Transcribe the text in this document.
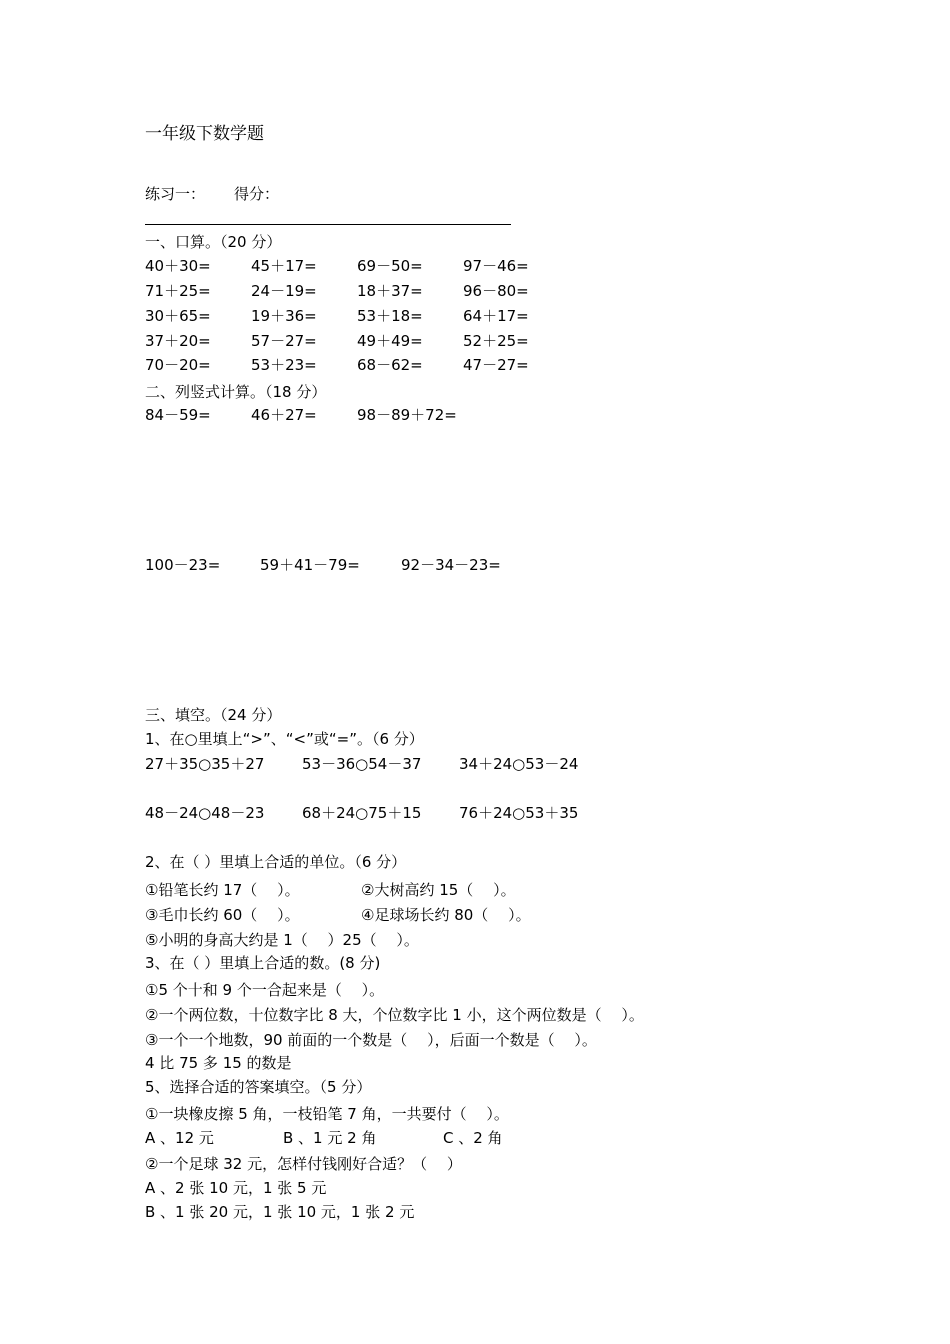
一年级下数学题
练习一： 得分：
一、口算。（20 分）
40＋30=	45＋17=	69－50=	97－46=
71＋25=	24－19=	18＋37=	96－80=
30＋65=	19＋36=	53＋18=	64＋17=
37＋20=	57－27=	49＋49=	52＋25=
70－20=	53＋23=	68－62=	47－27=
二、列竖式计算。（18 分）
84－59=	46＋27=	98－89＋72=
100－23=	59＋41－79=	92－34－23=
三、填空。（24 分）
1、在○里填上“>”、“<”或“=”。（6 分）
27＋35○35＋27	53－36○54－37	34＋24○53－24
48－24○48－23	68＋24○75＋15	76＋24○53＋35
2、在（ ）里填上合适的单位。（6 分）
①铅笔长约 17（　 ）。	②大树高约 15（　 ）。
③毛巾长约 60（　 ）。	④足球场长约 80（　 ）。
⑤小明的身高大约是 1（　 ）25（　 ）。
3、在（ ）里填上合适的数。(8 分)
①5 个十和 9 个一合起来是（　 ）。
②一个两位数，十位数字比 8 大，个位数字比 1 小，这个两位数是（　 ）。
③一个一个地数，90 前面的一个数是（　 ），后面一个数是（　 ）。
4 比 75 多 15 的数是
5、选择合适的答案填空。（5 分）
①一块橡皮擦 5 角，一枝铅笔 7 角，一共要付（　 ）。
A 、12 元	B 、1 元 2 角	C 、2 角
②一个足球 32 元，怎样付钱刚好合适？（　 ）
A 、2 张 10 元，1 张 5 元
B 、1 张 20 元，1 张 10 元，1 张 2 元
